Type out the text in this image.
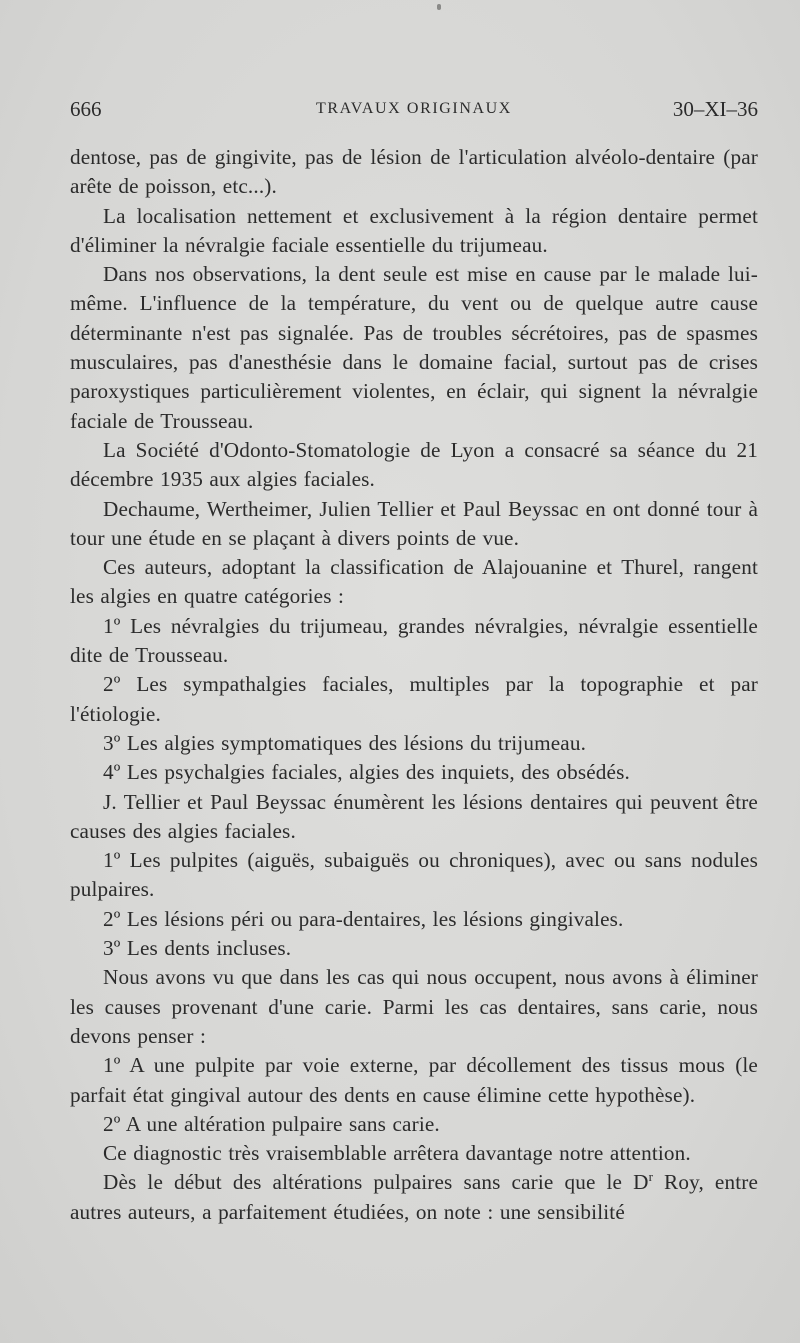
666	TRAVAUX ORIGINAUX	30–XI–36

dentose, pas de gingivite, pas de lésion de l'articulation alvéolo-dentaire (par arête de poisson, etc...).

La localisation nettement et exclusivement à la région dentaire permet d'éliminer la névralgie faciale essentielle du trijumeau.

Dans nos observations, la dent seule est mise en cause par le malade lui-même. L'influence de la température, du vent ou de quelque autre cause déterminante n'est pas signalée. Pas de troubles sécrétoires, pas de spasmes musculaires, pas d'anesthésie dans le domaine facial, surtout pas de crises paroxystiques particulièrement violentes, en éclair, qui signent la névralgie faciale de Trousseau.

La Société d'Odonto-Stomatologie de Lyon a consacré sa séance du 21 décembre 1935 aux algies faciales.

Dechaume, Wertheimer, Julien Tellier et Paul Beyssac en ont donné tour à tour une étude en se plaçant à divers points de vue.

Ces auteurs, adoptant la classification de Alajouanine et Thurel, rangent les algies en quatre catégories :

1º Les névralgies du trijumeau, grandes névralgies, névralgie essentielle dite de Trousseau.

2º Les sympathalgies faciales, multiples par la topographie et par l'étiologie.

3º Les algies symptomatiques des lésions du trijumeau.

4º Les psychalgies faciales, algies des inquiets, des obsédés.

J. Tellier et Paul Beyssac énumèrent les lésions dentaires qui peuvent être causes des algies faciales.

1º Les pulpites (aiguës, subaiguës ou chroniques), avec ou sans nodules pulpaires.

2º Les lésions péri ou para-dentaires, les lésions gingivales.

3º Les dents incluses.

Nous avons vu que dans les cas qui nous occupent, nous avons à éliminer les causes provenant d'une carie. Parmi les cas dentaires, sans carie, nous devons penser :

1º A une pulpite par voie externe, par décollement des tissus mous (le parfait état gingival autour des dents en cause élimine cette hypothèse).

2º A une altération pulpaire sans carie.

Ce diagnostic très vraisemblable arrêtera davantage notre attention.

Dès le début des altérations pulpaires sans carie que le $D^r$ Roy, entre autres auteurs, a parfaitement étudiées, on note : une sensibilité
